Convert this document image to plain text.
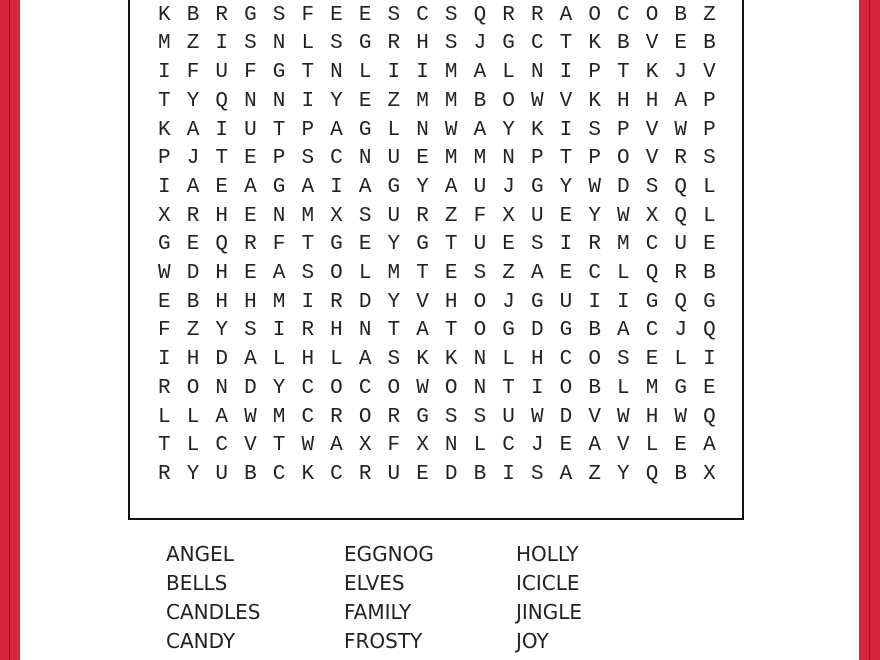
K B R G S F E E S C S Q R R A O C O B Z
M Z I S N L S G R H S J G C T K B V E B
I F U F G T N L I I M A L N I P T K J V
T Y Q N N I Y E Z M M B O W V K H H A P
K A I U T P A G L N W A Y K I S P V W P
P J T E P S C N U E M M N P T P O V R S
I A E A G A I A G Y A U J G Y W D S Q L
X R H E N M X S U R Z F X U E Y W X Q L
G E Q R F T G E Y G T U E S I R M C U E
W D H E A S O L M T E S Z A E C L Q R B
E B H H M I R D Y V H O J G U I I G Q G
F Z Y S I R H N T A T O G D G B A C J Q
I H D A L H L A S K K N L H C O S E L I
R O N D Y C O C O W O N T I O B L M G E
L L A W M C R O R G S S U W D V W H W Q
T L C V T W A X F X N L C J E A V L E A
R Y U B C K C R U E D B I S A Z Y Q B X
ANGEL
BELLS
CANDLES
CANDY
EGGNOG
ELVES
FAMILY
FROSTY
HOLLY
ICICLE
JINGLE
JOY
